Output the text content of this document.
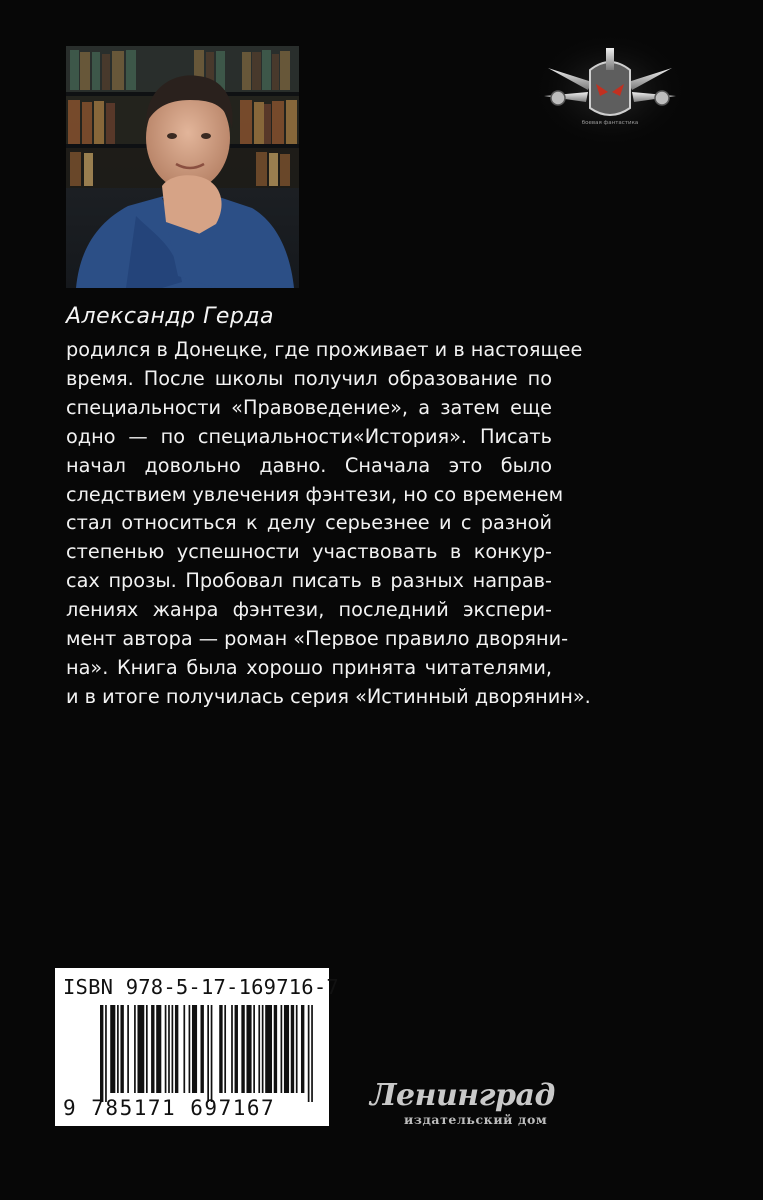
боевая фантастика
Александр Герда
родился в Донецке, где проживает и в настоящее
время. После школы получил образование по
специальности «Правоведение», а затем еще
одно — по специальности«История». Писать
начал довольно давно. Сначала это было
следствием увлечения фэнтези, но со временем
стал относиться к делу серьезнее и с разной
степенью успешности участвовать в конкур-
сах прозы. Пробовал писать в разных направ-
лениях жанра фэнтези, последний экспери-
мент автора — роман «Первое правило дворяни-
на». Книга была хорошо принята читателями,
и в итоге получилась серия «Истинный дворянин».
ISBN 978-5-17-169716-7
9 785171 697167	Ленинград
издательский дом
